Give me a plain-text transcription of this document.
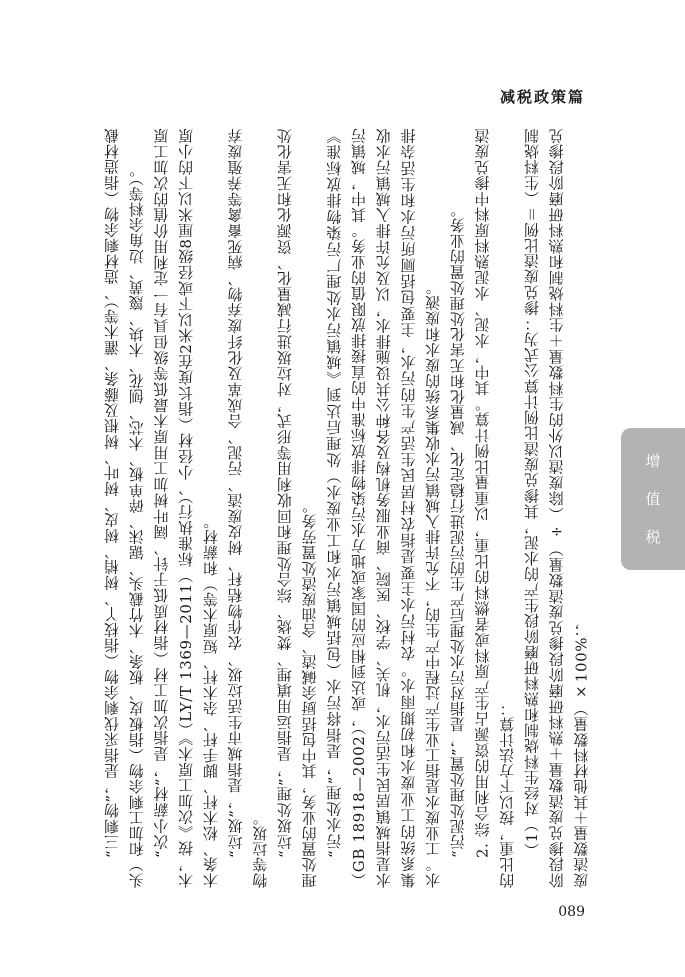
减税政策篇

“三剩物”，是指采伐剩余物（指枝丫、树梢、树皮、树叶、树根及藤条、灌木等）、造材剩余物（指造材截头）和加工剩余物（指板皮、板条、木竹截头、锯沫、碎单板、木芯、刨花、木块、篾黄、边角余料等）。 “次小薪材”，是指次加工材（指材质低于针、阔叶树加工用原木最低等级但具有一定利用价值的次加工原木，按《次加工原木》（LY/T 1369—2011）标准执行）、小径材（指长度在2米以下或径级8厘米以下的小原木条、松木杆、脚手杆、杂木杆、短原木等）和薪材。 “垃圾”，是指城市生活垃圾、农作物秸秆、树皮废渣、污泥、合成革及化纤废弃物、病死畜禽等养殖废弃物等垃圾。 “垃圾处理”，是指运用填埋、焚烧、综合处理和回收利用等形式，对垃圾进行减量化、资源化和无害化处理处置的业务，其中包括厨余碱渣、含油废渣处置劳务。 “污水处理”，是指将污水（包括城镇污水和工业废水）处理后达到《城镇污水处理厂污染物排放标准》（GB 18918—2002），或达到相应的国家或地方水污染物排放标准中的直接排放限值的业务。其中，城镇污水是指城镇居民生活污水，机关、学校、医院、商业服务机构及各种公共设施排水，以及允许排入城镇污水收集系统的工业废水和初期雨水。农村污水主要是指农村居民生活产生的污水，主要包括厕所污水和生活杂排水。工业废水是指工业生产过程中产生的，不允许排入城镇污水收集系统的废水和废液。 “污泥处理处置”，是指对污水处理后产生的污泥进行稳定化、减量化和无害化处理处置的业务。 2. 综合利用的资源占生产原料或者燃料的比重，以重量比例计算。其中，水泥、水泥熟料原料中掺兑废渣的比重，按以下方法计算： （1）对经生料烧制和熟料研磨阶段生产的水泥，其掺兑废渣比例计算公式为：掺兑废渣比例＝（生料烧制阶段掺兑废渣数量＋熟料研磨阶段掺兑废渣数量）÷（除废渣以外的生料数量＋生料烧制和熟料研磨阶段掺兑废渣数量＋其他材料数量）×100%；

增
值
税
089
